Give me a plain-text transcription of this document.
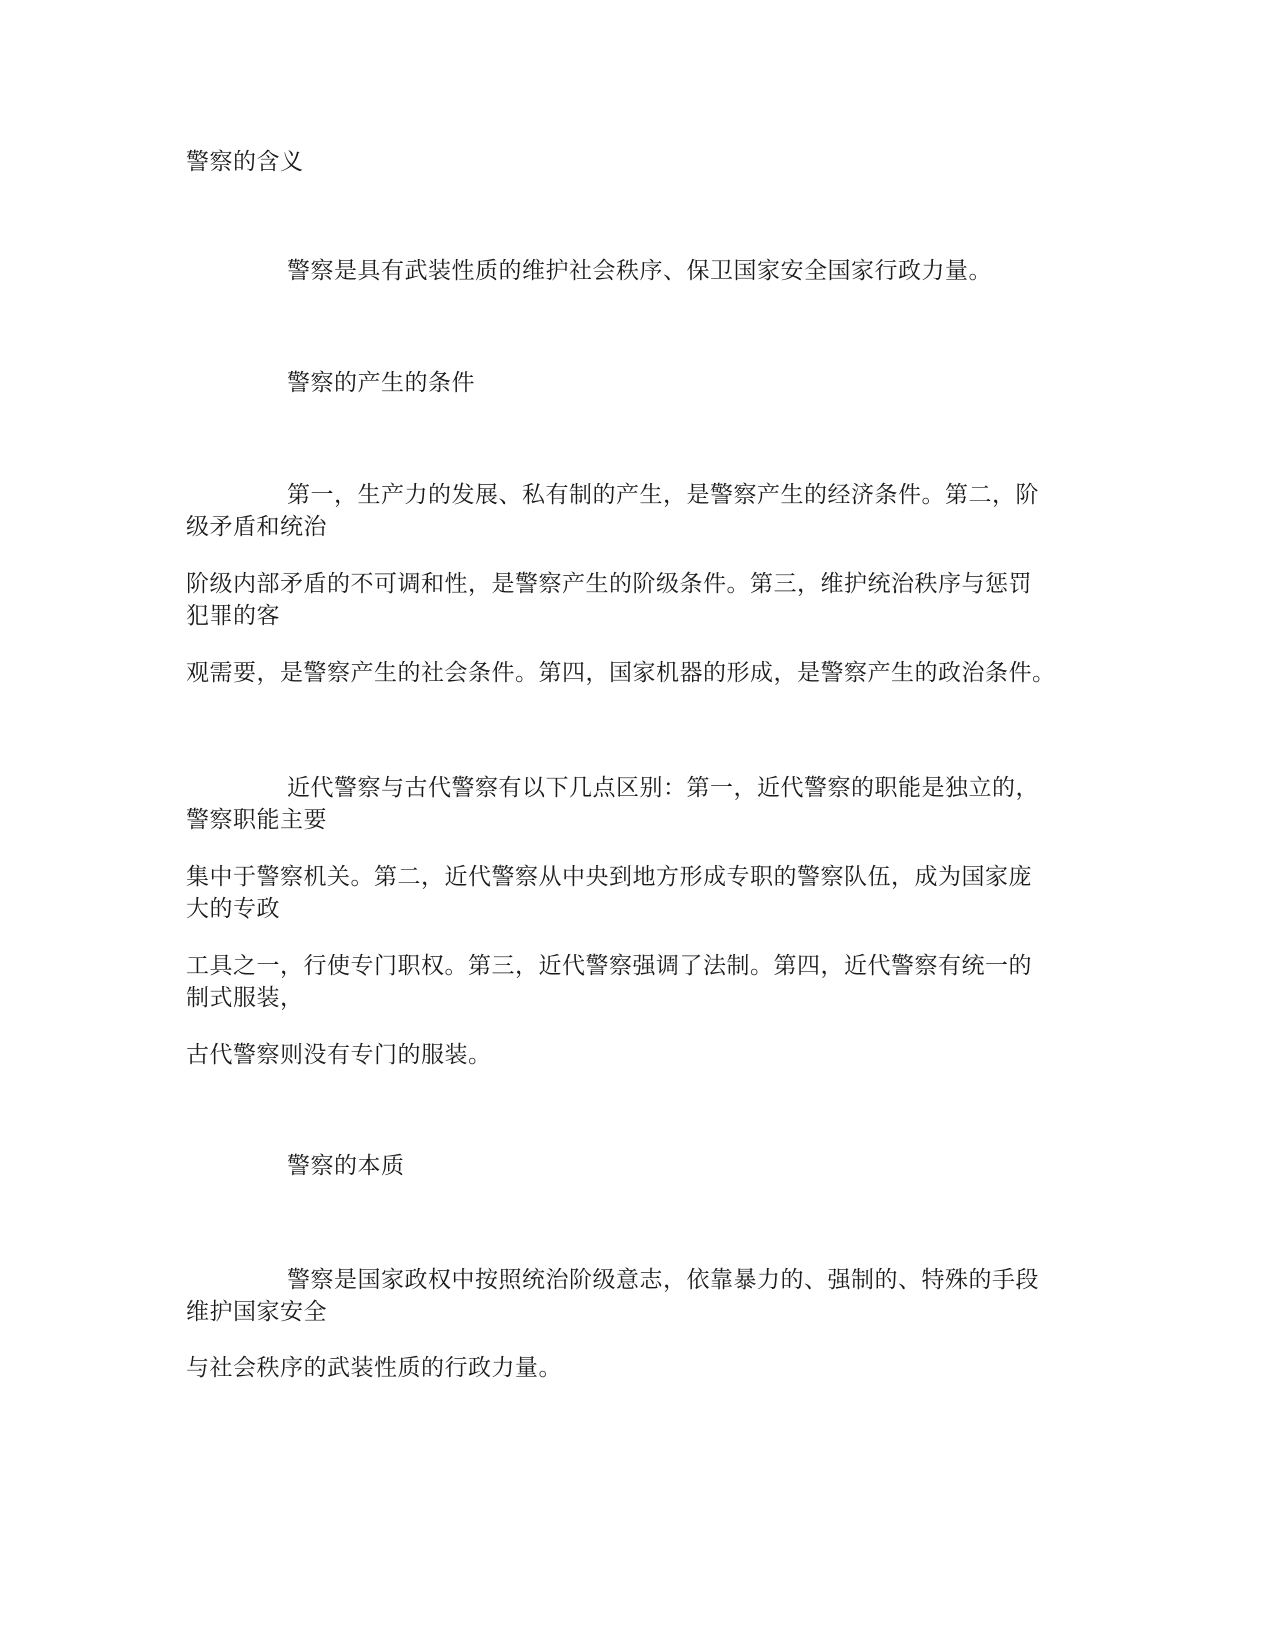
警察的含义
警察是具有武装性质的维护社会秩序、保卫国家安全国家行政力量。
警察的产生的条件
第一，生产力的发展、私有制的产生，是警察产生的经济条件。第二，阶
级矛盾和统治
阶级内部矛盾的不可调和性，是警察产生的阶级条件。第三，维护统治秩序与惩罚
犯罪的客
观需要，是警察产生的社会条件。第四，国家机器的形成，是警察产生的政治条件。
近代警察与古代警察有以下几点区别：第一，近代警察的职能是独立的，
警察职能主要
集中于警察机关。第二，近代警察从中央到地方形成专职的警察队伍，成为国家庞
大的专政
工具之一，行使专门职权。第三，近代警察强调了法制。第四，近代警察有统一的
制式服装，
古代警察则没有专门的服装。
警察的本质
警察是国家政权中按照统治阶级意志，依靠暴力的、强制的、特殊的手段
维护国家安全
与社会秩序的武装性质的行政力量。
